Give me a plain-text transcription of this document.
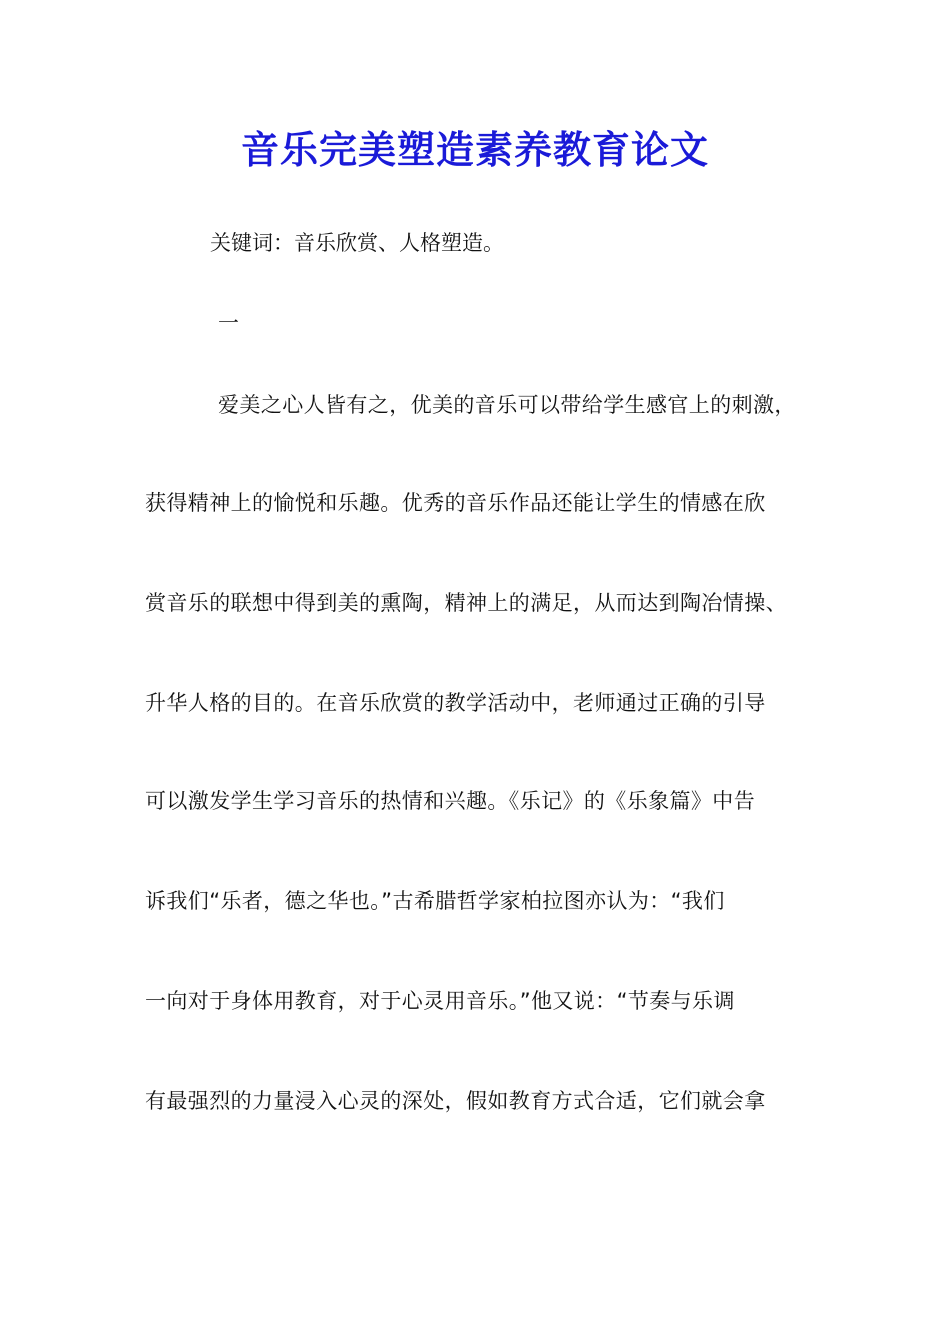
音乐完美塑造素养教育论文
关键词：音乐欣赏、人格塑造。
一
爱美之心人皆有之，优美的音乐可以带给学生感官上的刺激，
获得精神上的愉悦和乐趣。优秀的音乐作品还能让学生的情感在欣
赏音乐的联想中得到美的熏陶，精神上的满足，从而达到陶冶情操、
升华人格的目的。在音乐欣赏的教学活动中，老师通过正确的引导
可以激发学生学习音乐的热情和兴趣。《乐记》的《乐象篇》中告
诉我们“乐者，德之华也。”古希腊哲学家柏拉图亦认为：“我们
一向对于身体用教育，对于心灵用音乐。”他又说：“节奏与乐调
有最强烈的力量浸入心灵的深处，假如教育方式合适，它们就会拿
